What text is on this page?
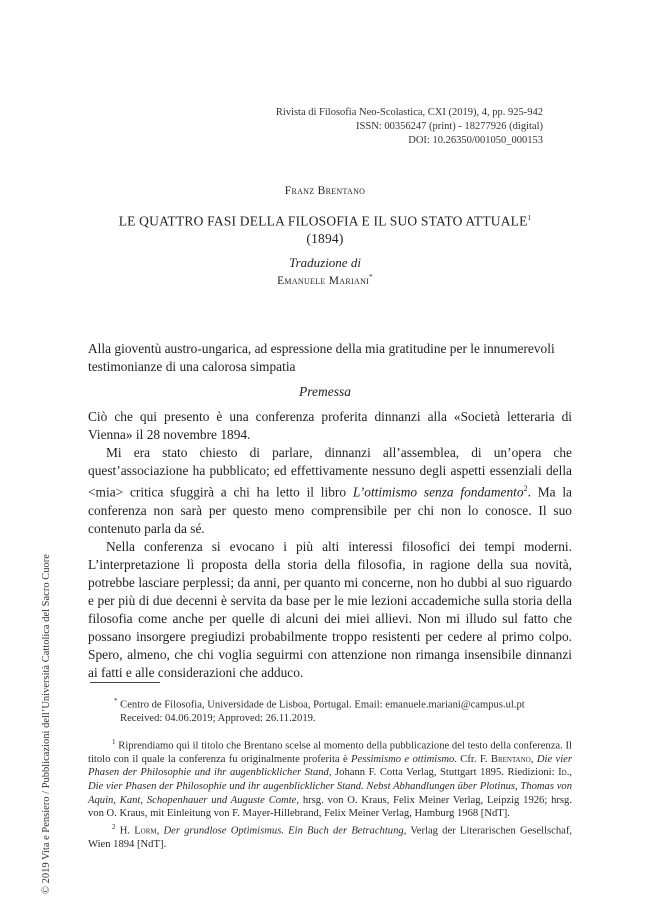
Rivista di Filosofia Neo-Scolastica, CXI (2019), 4, pp. 925-942
ISSN: 00356247 (print) - 18277926 (digital)
DOI: 10.26350/001050_000153
Franz Brentano
LE QUATTRO FASI DELLA FILOSOFIA E IL SUO STATO ATTUALE$^1$
(1894)
Traduzione di
Emanuele Mariani*
Alla gioventù austro-ungarica, ad espressione della mia gratitudine per le innumerevoli testimonianze di una calorosa simpatia
Premessa

Ciò che qui presento è una conferenza proferita dinnanzi alla «Società letteraria di Vienna» il 28 novembre 1894.

Mi era stato chiesto di parlare, dinnanzi all’assemblea, di un’opera che quest’associazione ha pubblicato; ed effettivamente nessuno degli aspetti essenziali della <mia> critica sfuggirà a chi ha letto il libro L’ottimismo senza fondamento$^2$. Ma la conferenza non sarà per questo meno comprensibile per chi non lo conosce. Il suo contenuto parla da sé.

Nella conferenza si evocano i più alti interessi filosofici dei tempi moderni. L’interpretazione lì proposta della storia della filosofia, in ragione della sua novità, potrebbe lasciare perplessi; da anni, per quanto mi concerne, non ho dubbi al suo riguardo e per più di due decenni è servita da base per le mie lezioni accademiche sulla storia della filosofia come anche per quelle di alcuni dei miei allievi. Non mi illudo sul fatto che possano insorgere pregiudizi probabilmente troppo resistenti per cedere al primo colpo. Spero, almeno, che chi voglia seguirmi con attenzione non rimanga insensibile dinnanzi ai fatti e alle considerazioni che adduco.

* Centro de Filosofia, Universidade de Lisboa, Portugal. Email: emanuele.mariani@campus.ul.pt

Received: 04.06.2019; Approved: 26.11.2019.

$^1$ Riprendiamo qui il titolo che Brentano scelse al momento della pubblicazione del testo della conferenza. Il titolo con il quale la conferenza fu originalmente proferita è Pessimismo e ottimismo. Cfr. F. Brentano, Die vier Phasen der Philosophie und ihr augenblicklicher Stand, Johann F. Cotta Verlag, Stuttgart 1895. Riedizioni: Id., Die vier Phasen der Philosophie und ihr augenblicklicher Stand. Nebst Abhandlungen über Plotinus, Thomas von Aquin, Kant, Schopenhauer und Auguste Comte, hrsg. von O. Kraus, Felix Meiner Verlag, Leipzig 1926; hrsg. von O. Kraus, mit Einleitung von F. Mayer-Hillebrand, Felix Meiner Verlag, Hamburg 1968 [NdT].

$^2$ H. Lorm, Der grundlose Optimismus. Ein Buch der Betrachtung, Verlag der Literarischen Gesellschaf, Wien 1894 [NdT].

© 2019 Vita e Pensiero / Pubblicazioni dell’Università Cattolica del Sacro Cuore
